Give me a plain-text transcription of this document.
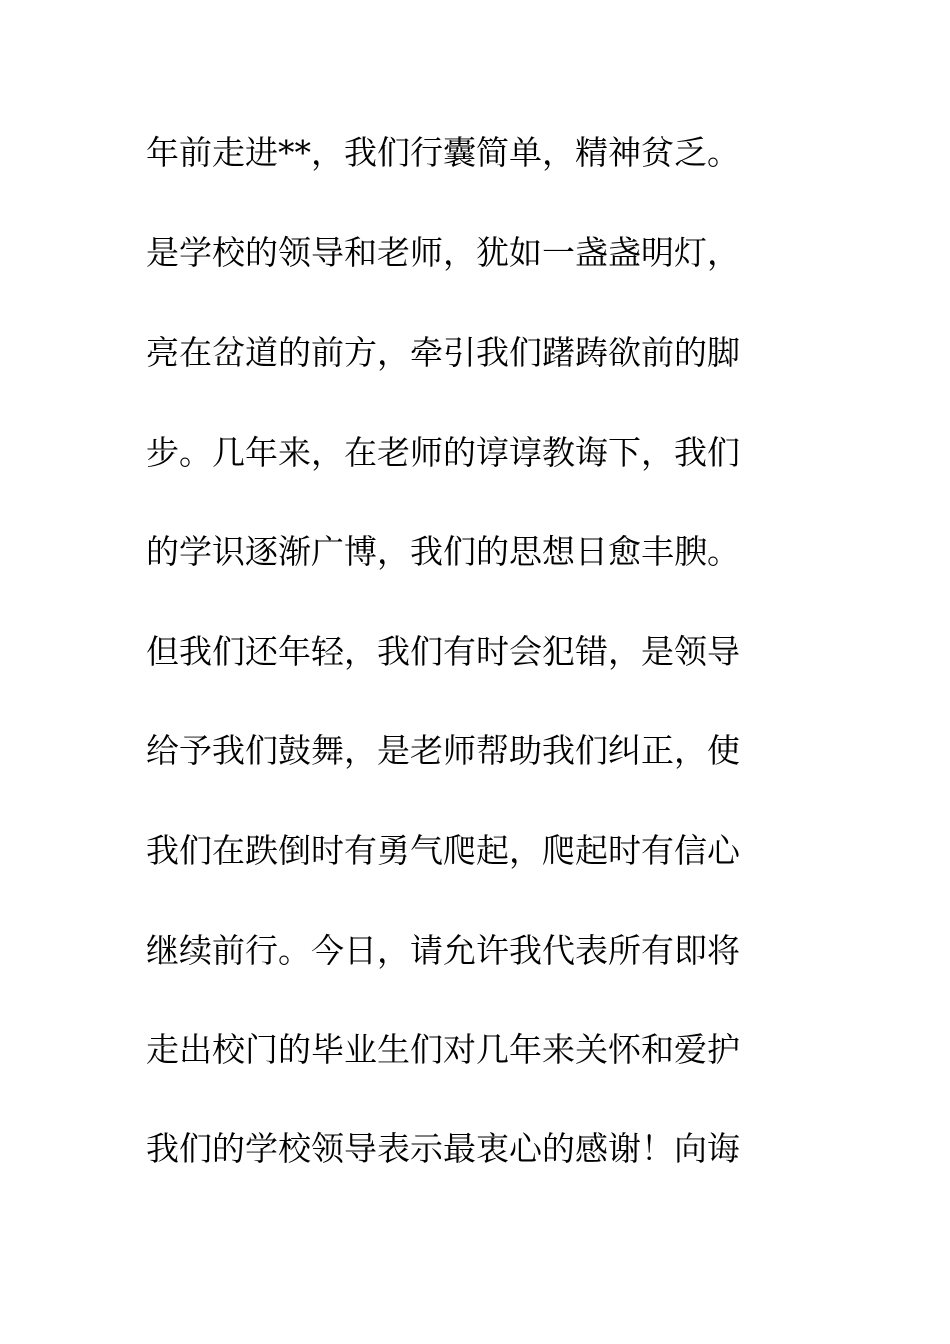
年前走进**，我们行囊简单，精神贫乏。
是学校的领导和老师，犹如一盏盏明灯，
亮在岔道的前方，牵引我们躇踌欲前的脚
步。几年来，在老师的谆谆教诲下，我们
的学识逐渐广博，我们的思想日愈丰腴。
但我们还年轻，我们有时会犯错，是领导
给予我们鼓舞，是老师帮助我们纠正，使
我们在跌倒时有勇气爬起，爬起时有信心
继续前行。今日，请允许我代表所有即将
走出校门的毕业生们对几年来关怀和爱护
我们的学校领导表示最衷心的感谢！向诲
